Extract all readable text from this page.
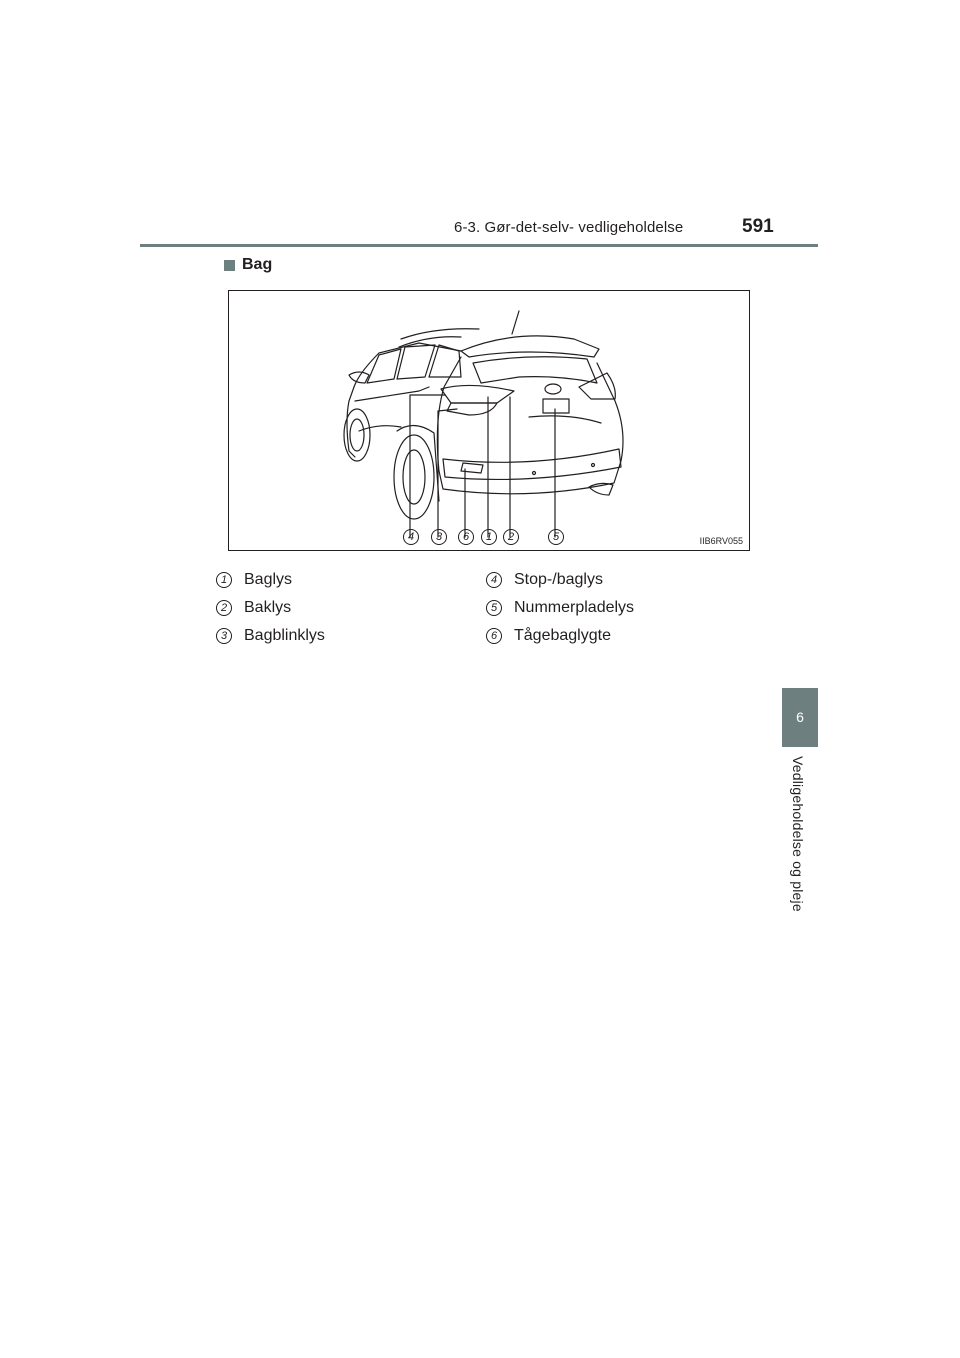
6-3. Gør-det-selv- vedligeholdelse	591
6
Vedligeholdelse og pleje
Bag
4	3	6	1	2	5	IIB6RV055
1	Baglys
2	Baklys
3	Bagblinklys
4	Stop-/baglys
5	Nummerpladelys
6	Tågebaglygte
